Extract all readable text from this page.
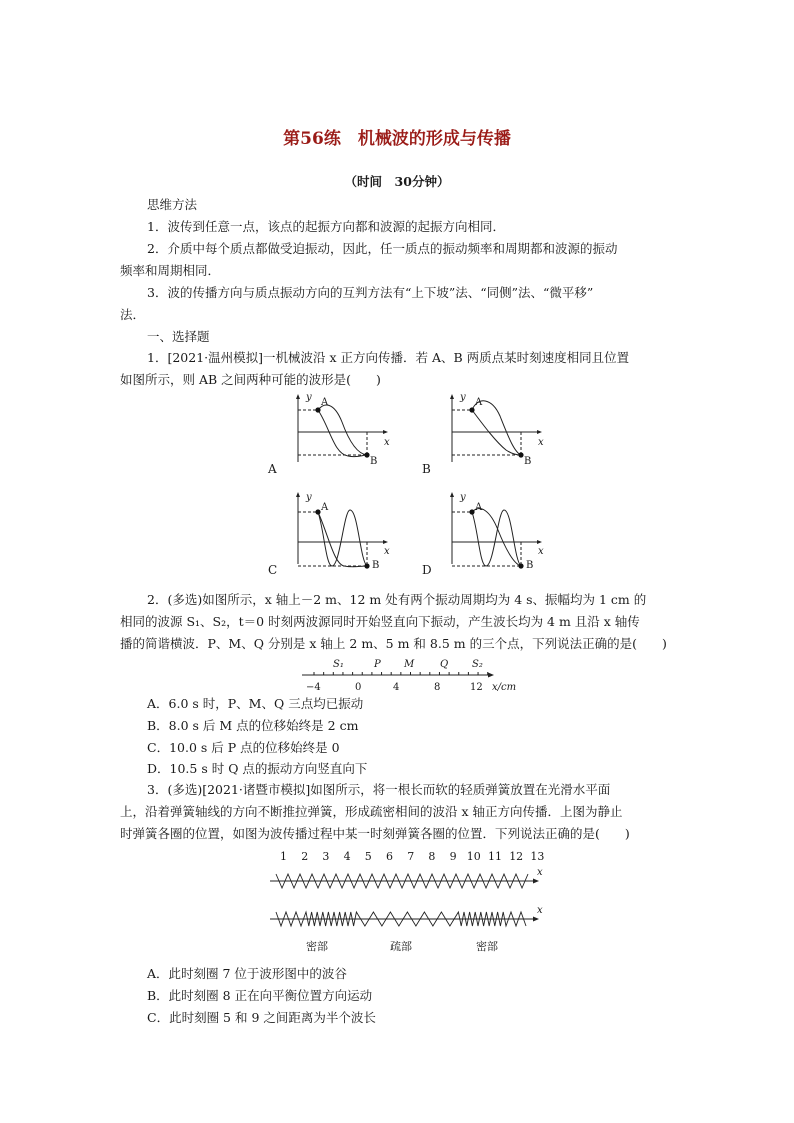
第56练　机械波的形成与传播
（时间　30分钟）
思维方法
1．波传到任意一点，该点的起振方向都和波源的起振方向相同．
2．介质中每个质点都做受迫振动，因此，任一质点的振动频率和周期都和波源的振动
频率和周期相同．
3．波的传播方向与质点振动方向的互判方法有“上下坡”法、“同侧”法、“微平移”
法．
一、选择题
1．[2021·温州模拟]一机械波沿 x 正方向传播．若 A、B 两质点某时刻速度相同且位置
如图所示，则 AB 之间两种可能的波形是(　　)
y
x
A
B
A
y
x
A
B
B
y
x
A
B
C
y
x
A
B
D
2．(多选)如图所示，x 轴上－2 m、12 m 处有两个振动周期均为 4 s、振幅均为 1 cm 的
相同的波源 S₁、S₂，t＝0 时刻两波源同时开始竖直向下振动，产生波长均为 4 m 且沿 x 轴传
播的简谐横波．P、M、Q 分别是 x 轴上 2 m、5 m 和 8.5 m 的三个点，下列说法正确的是(　　)
−4	0	4	8	12 x/cm
S₁	P M	Q S₂
A．6.0 s 时，P、M、Q 三点均已振动
B．8.0 s 后 M 点的位移始终是 2 cm
C．10.0 s 后 P 点的位移始终是 0
D．10.5 s 时 Q 点的振动方向竖直向下
3．(多选)[2021·诸暨市模拟]如图所示，将一根长而软的轻质弹簧放置在光滑水平面
上，沿着弹簧轴线的方向不断推拉弹簧，形成疏密相间的波沿 x 轴正方向传播．上图为静止
时弹簧各圈的位置，如图为波传播过程中某一时刻弹簧各圈的位置．下列说法正确的是(　　)
1 2 3 4 5 6 7 8 9 10 11 12 13
x
x
密部	疏部	密部
A．此时刻圈 7 位于波形图中的波谷
B．此时刻圈 8 正在向平衡位置方向运动
C．此时刻圈 5 和 9 之间距离为半个波长
